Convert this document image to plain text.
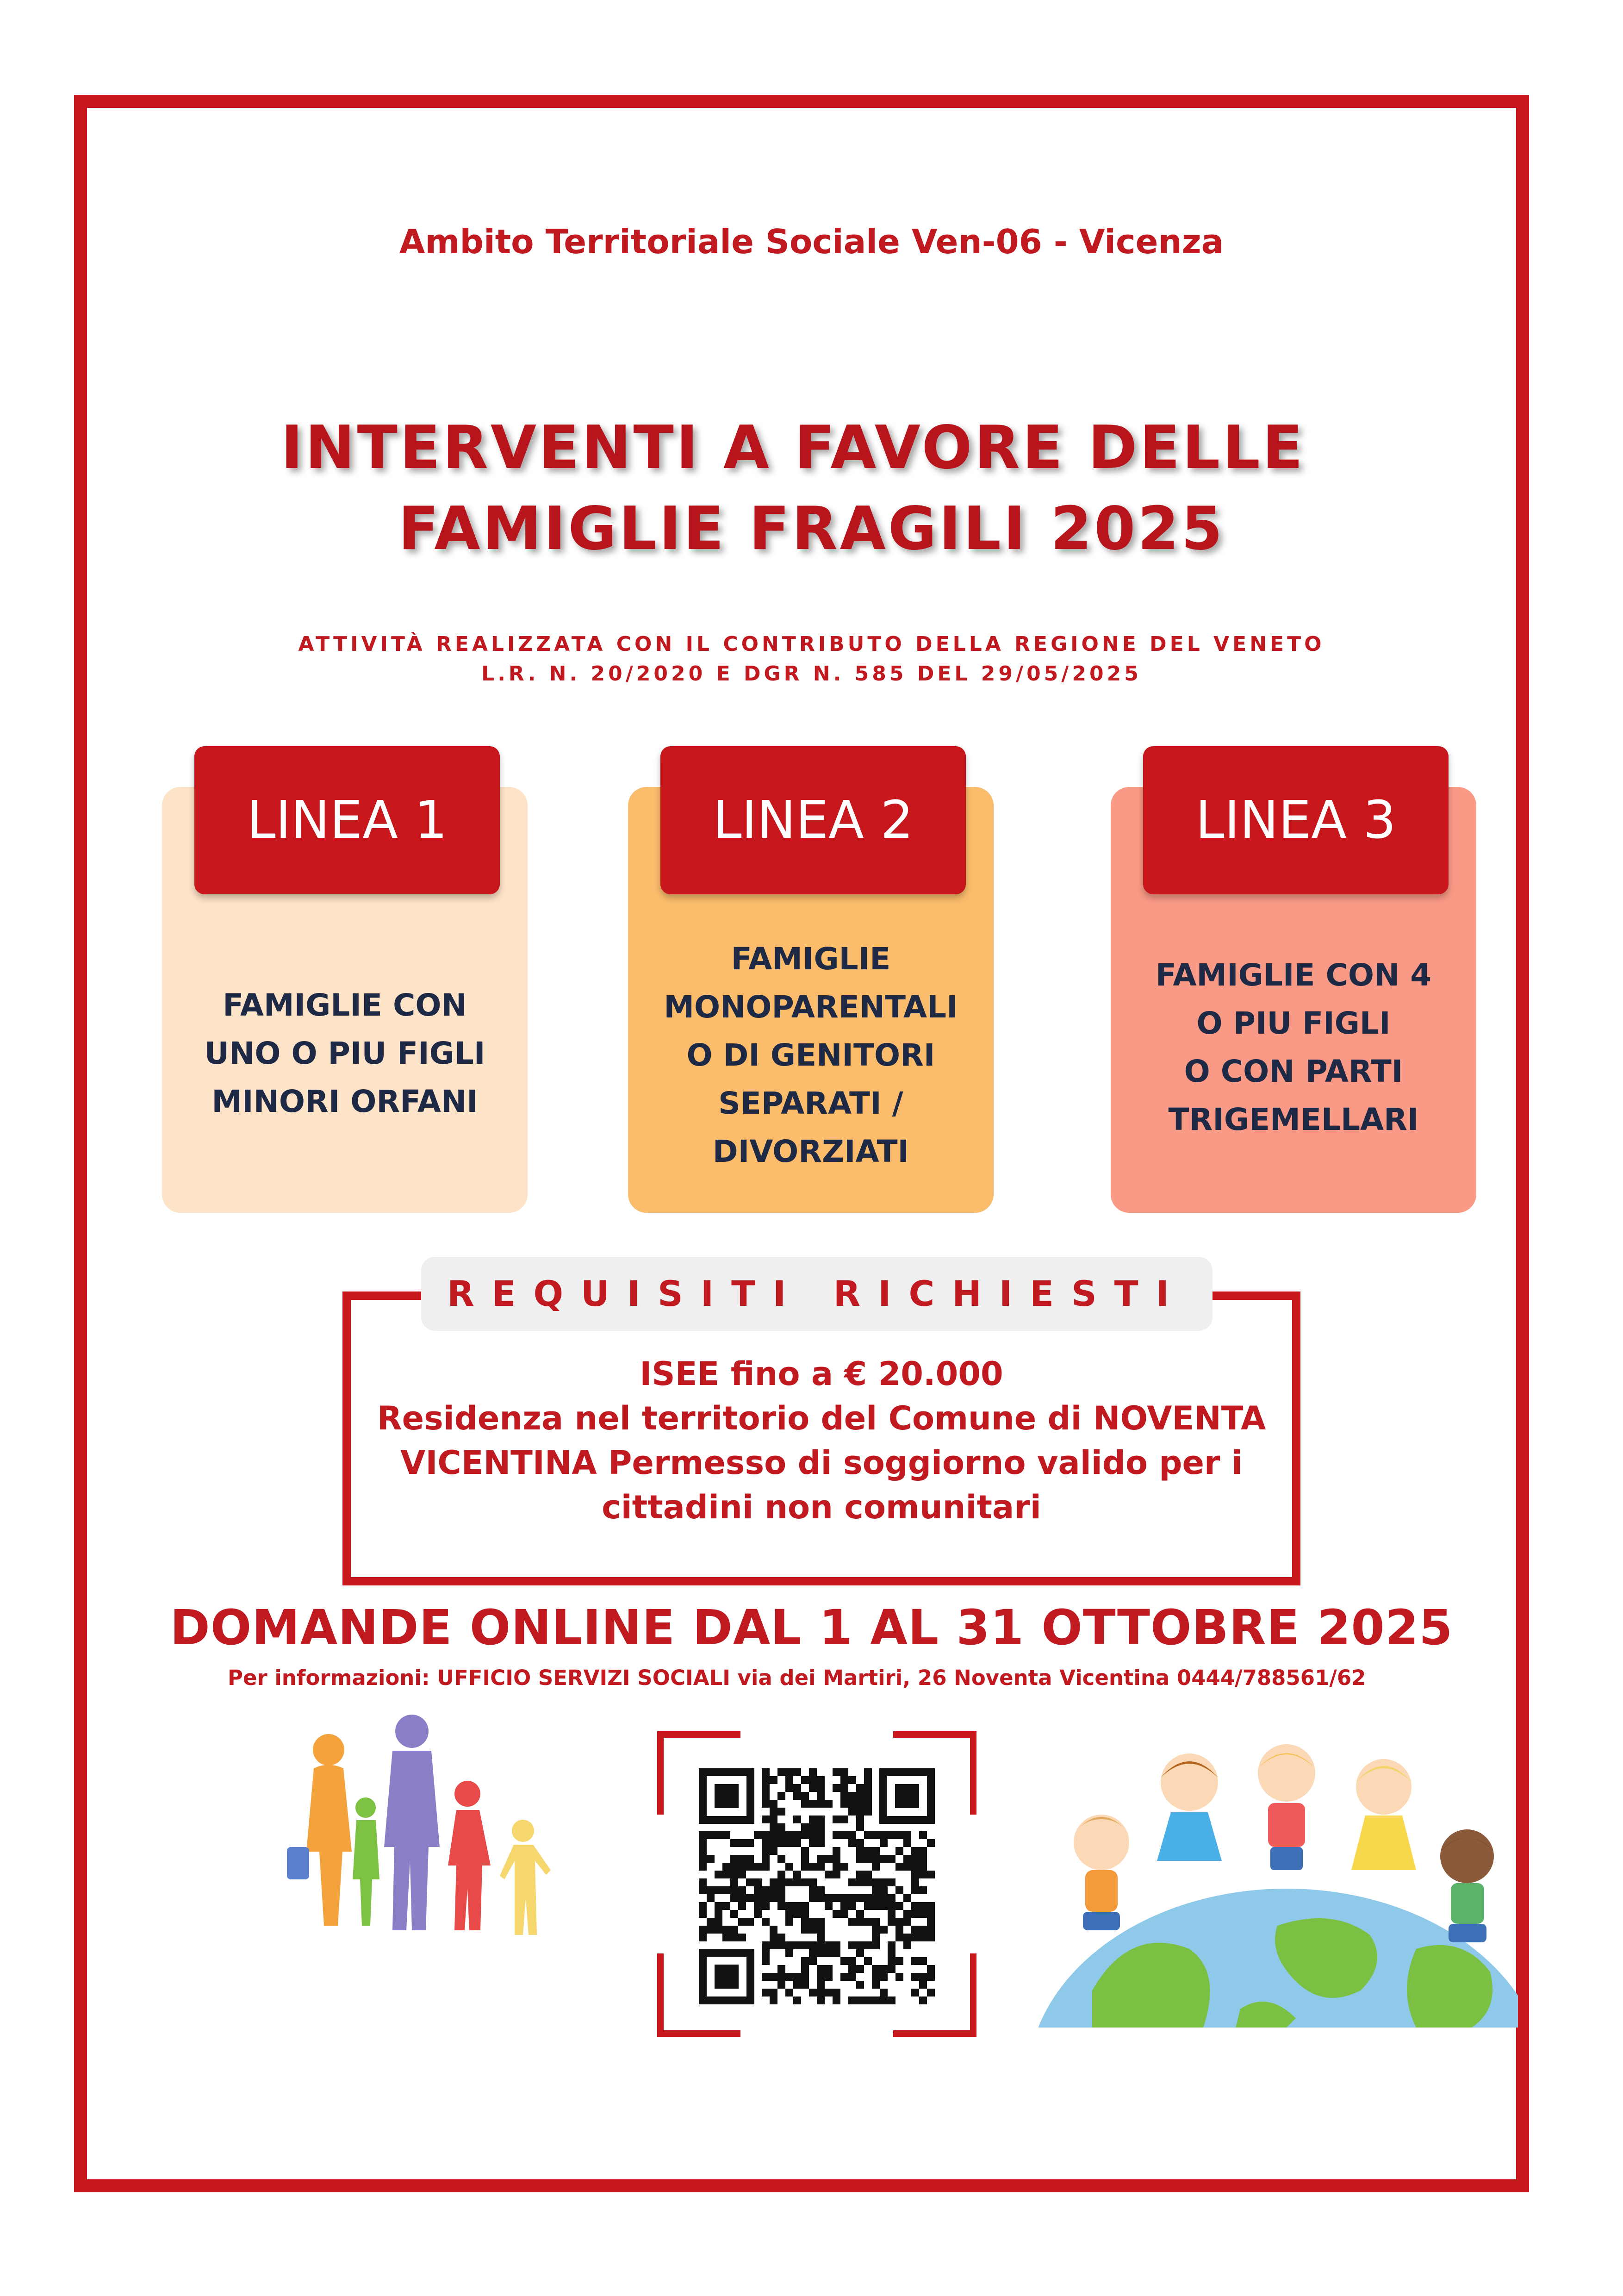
Ambito Territoriale Sociale Ven-06 - Vicenza
INTERVENTI A FAVORE DELLE
FAMIGLIE FRAGILI 2025
ATTIVITÀ REALIZZATA CON IL CONTRIBUTO DELLA REGIONE DEL VENETO
L.R. N. 20/2020 E DGR N. 585 DEL 29/05/2025
LINEA 1	LINEA 2	LINEA 3
FAMIGLIE CON
UNO O PIU FIGLI
MINORI ORFANI
FAMIGLIE
MONOPARENTALI
O DI GENITORI
SEPARATI /
DIVORZIATI
FAMIGLIE CON 4
O PIU FIGLI
O CON PARTI
TRIGEMELLARI
REQUISITI RICHIESTI
ISEE fino a € 20.000
Residenza nel territorio del Comune di NOVENTA
VICENTINA Permesso di soggiorno valido per i
cittadini non comunitari
DOMANDE ONLINE DAL 1 AL 31 OTTOBRE 2025
Per informazioni: UFFICIO SERVIZI SOCIALI via dei Martiri, 26 Noventa Vicentina 0444/788561/62
